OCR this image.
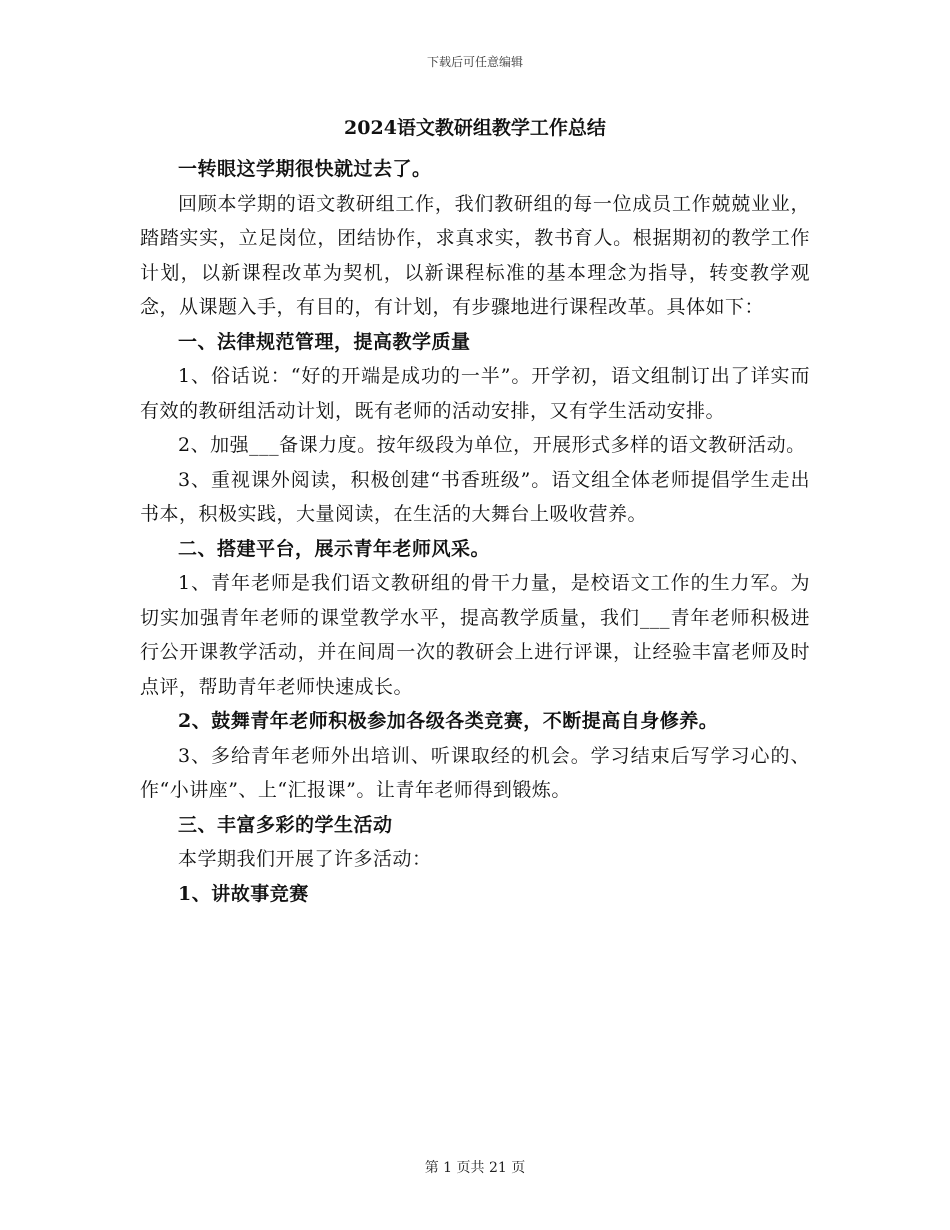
下载后可任意编辑
2024语文教研组教学工作总结

一转眼这学期很快就过去了。

回顾本学期的语文教研组工作，我们教研组的每一位成员工作兢兢业业，踏踏实实，立足岗位，团结协作，求真求实，教书育人。根据期初的教学工作计划，以新课程改革为契机，以新课程标准的基本理念为指导，转变教学观念，从课题入手，有目的，有计划，有步骤地进行课程改革。具体如下：

一、法律规范管理，提高教学质量

1、俗话说：“好的开端是成功的一半”。开学初，语文组制订出了详实而有效的教研组活动计划，既有老师的活动安排，又有学生活动安排。

2、加强___备课力度。按年级段为单位，开展形式多样的语文教研活动。

3、重视课外阅读，积极创建“书香班级”。语文组全体老师提倡学生走出书本，积极实践，大量阅读，在生活的大舞台上吸收营养。

二、搭建平台，展示青年老师风采。

1、青年老师是我们语文教研组的骨干力量，是校语文工作的生力军。为切实加强青年老师的课堂教学水平，提高教学质量，我们___青年老师积极进行公开课教学活动，并在间周一次的教研会上进行评课，让经验丰富老师及时点评，帮助青年老师快速成长。

2、鼓舞青年老师积极参加各级各类竞赛，不断提高自身修养。

3、多给青年老师外出培训、听课取经的机会。学习结束后写学习心的、作“小讲座”、上“汇报课”。让青年老师得到锻炼。

三、丰富多彩的学生活动

本学期我们开展了许多活动：

1、讲故事竞赛

第 1 页共 21 页
